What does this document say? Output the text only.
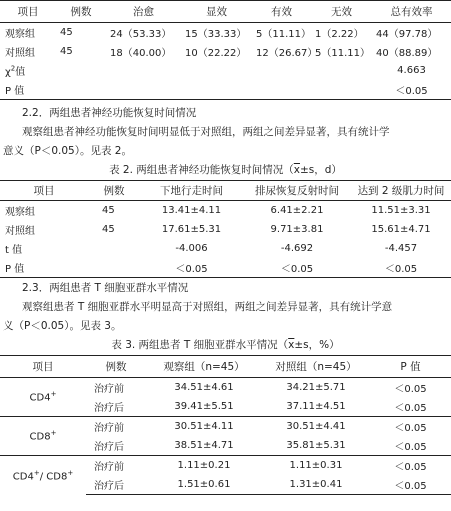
项目	例数	治愈	显效	有效	无效	总有效率
观察组	45	24（53.33）	15（33.33）	5（11.11）	1（2.22）	44（97.78）
对照组	45	18（40.00）	10（22.22）	12（26.67）	5（11.11）	40（88.89）
$\chi^2$值						4.663
P 值						＜0.05
2.2．两组患者神经功能恢复时间情况
观察组患者神经功能恢复时间明显低于对照组，两组之间差异显著，具有统计学
意义（P＜0.05）。见表 2。
表 2. 两组患者神经功能恢复时间情况（$\overline{x}\pm s$，d）
项目	例数	下地行走时间	排尿恢复反射时间	达到 2 级肌力时间
观察组	45	13.41±4.11	6.41±2.21	11.51±3.31
对照组	45	17.61±5.31	9.71±3.81	15.61±4.71
t 值		-4.006	-4.692	-4.457
P 值		＜0.05	＜0.05	＜0.05
2.3．两组患者 T 细胞亚群水平情况
观察组患者 T 细胞亚群水平明显高于对照组，两组之间差异显著，具有统计学意
义（P＜0.05）。见表 3。
表 3. 两组患者 T 细胞亚群水平情况（$\overline{x}\pm s$，%）
项目	例数	观察组（n=45）	对照组（n=45）	P 值
CD4+	治疗前	34.51±4.61	34.21±5.71	＜0.05
	治疗后	39.41±5.51	37.11±4.51	＜0.05
CD8+	治疗前	30.51±4.11	30.51±4.41	＜0.05
	治疗后	38.51±4.71	35.81±5.31	＜0.05
CD4+/ CD8+	治疗前	1.11±0.21	1.11±0.31	＜0.05
	治疗后	1.51±0.61	1.31±0.41	＜0.05
